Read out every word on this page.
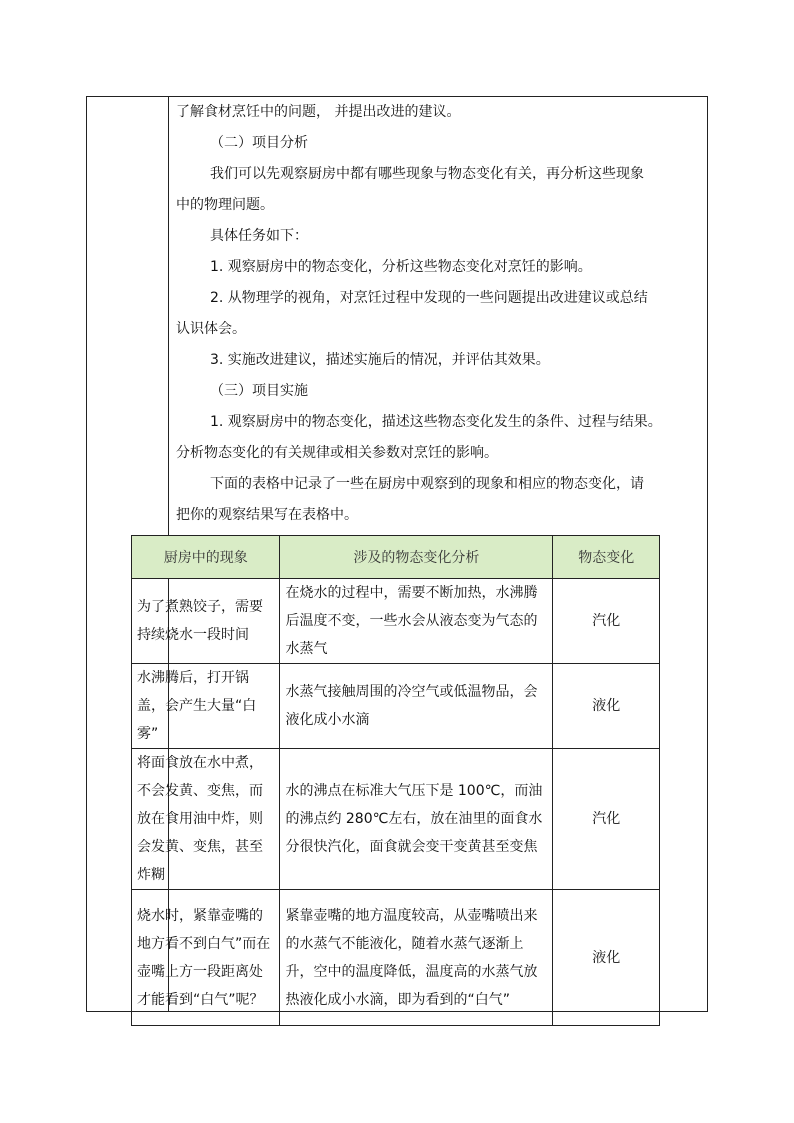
了解食材烹饪中的问题， 并提出改进的建议。
（二）项目分析
我们可以先观察厨房中都有哪些现象与物态变化有关，再分析这些现象
中的物理问题。
具体任务如下：
1. 观察厨房中的物态变化，分析这些物态变化对烹饪的影响。
2. 从物理学的视角，对烹饪过程中发现的一些问题提出改进建议或总结
认识体会。
3. 实施改进建议，描述实施后的情况，并评估其效果。
（三）项目实施
1. 观察厨房中的物态变化，描述这些物态变化发生的条件、过程与结果。
分析物态变化的有关规律或相关参数对烹饪的影响。
下面的表格中记录了一些在厨房中观察到的现象和相应的物态变化，请
把你的观察结果写在表格中。
厨房中的现象	涉及的物态变化分析	物态变化
为了煮熟饺子，需要持续烧水一段时间	在烧水的过程中，需要不断加热，水沸腾后温度不变，一些水会从液态变为气态的水蒸气	汽化
水沸腾后，打开锅盖，会产生大量“白雾”	水蒸气接触周围的冷空气或低温物品，会液化成小水滴	液化
将面食放在水中煮，不会发黄、变焦，而放在食用油中炸，则会发黄、变焦，甚至炸糊	水的沸点在标准大气压下是 100℃，而油的沸点约 280℃左右，放在油里的面食水分很快汽化，面食就会变干变黄甚至变焦	汽化
烧水时，紧靠壶嘴的地方看不到白气”而在壶嘴上方一段距离处才能看到“白气”呢？	紧靠壶嘴的地方温度较高，从壶嘴喷出来的水蒸气不能液化，随着水蒸气逐渐上升，空中的温度降低，温度高的水蒸气放热液化成小水滴，即为看到的“白气”	液化
